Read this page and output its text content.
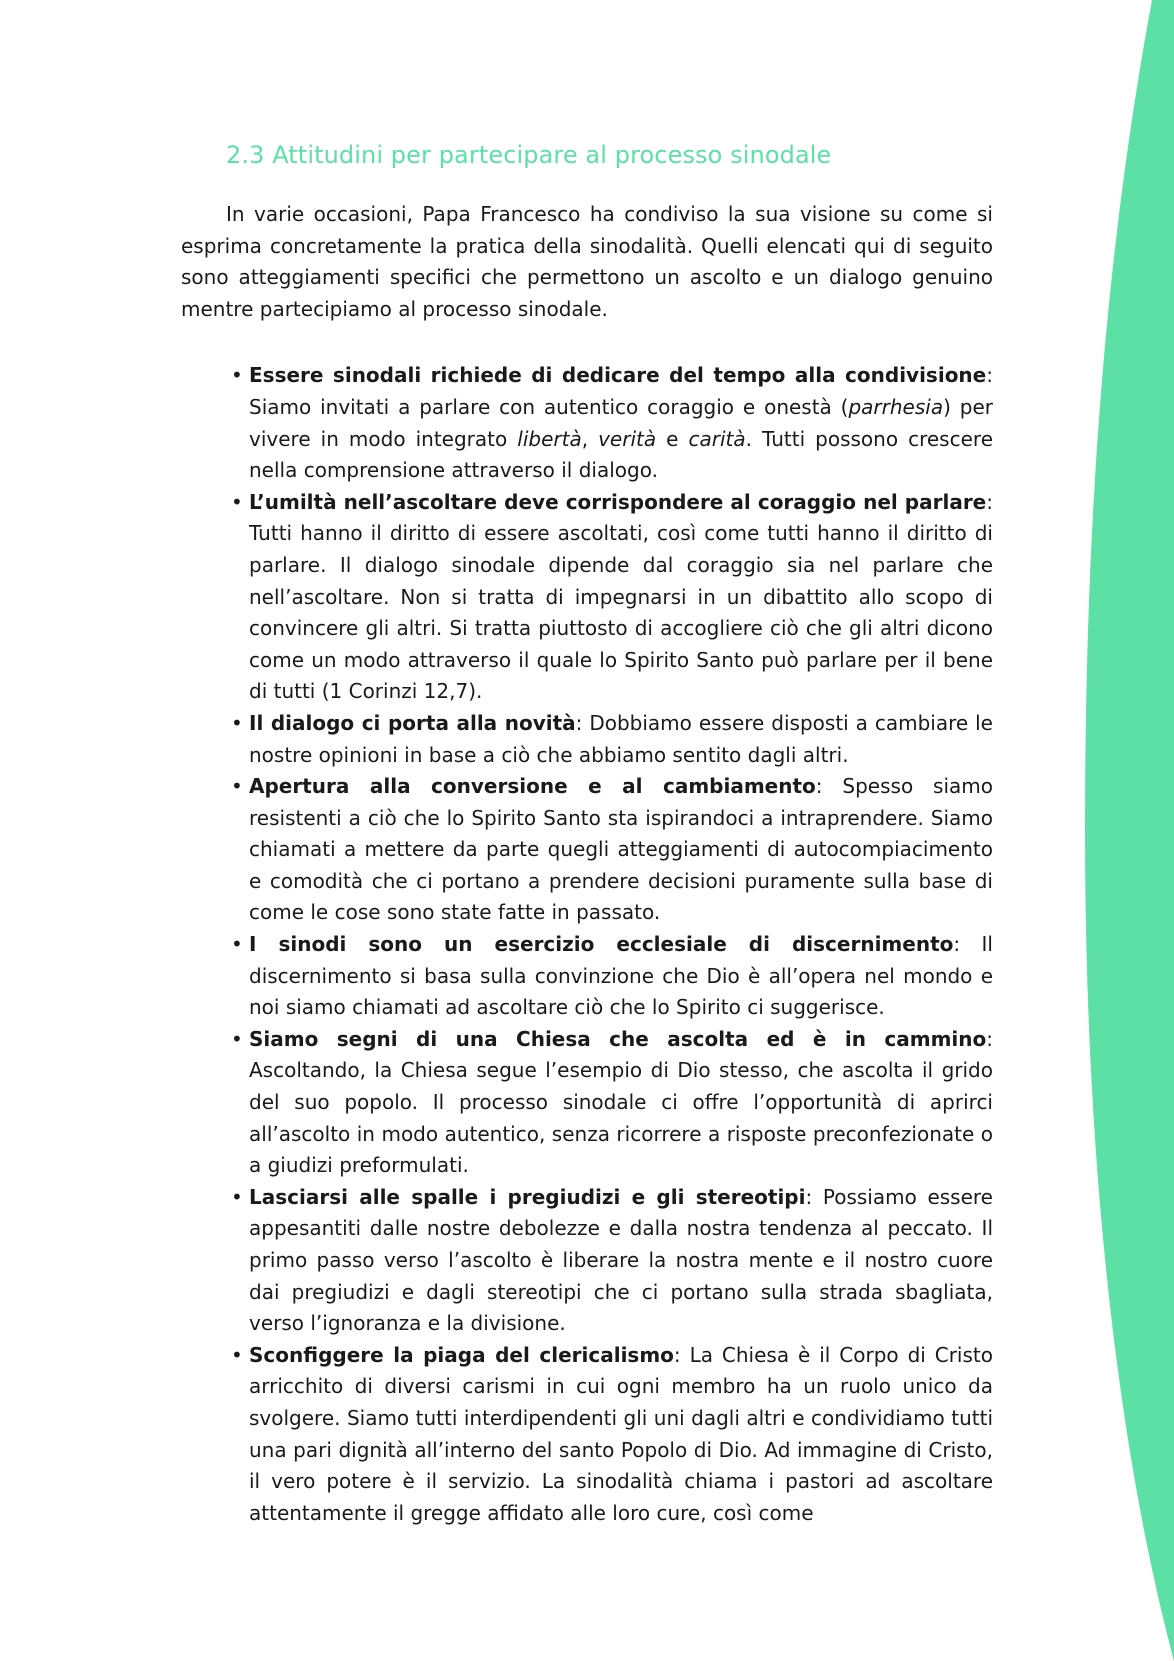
2.3 Attitudini per partecipare al processo sinodale

In varie occasioni, Papa Francesco ha condiviso la sua visione su come si esprima concretamente la pratica della sinodalità. Quelli elencati qui di seguito sono atteggiamenti specifici che permettono un ascolto e un dialogo genuino mentre partecipiamo al processo sinodale.

• Essere sinodali richiede di dedicare del tempo alla condivisione: Siamo invitati a parlare con autentico coraggio e onestà (parrhesia) per vivere in modo integrato libertà, verità e carità. Tutti possono crescere nella comprensione attraverso il dialogo.
• L’umiltà nell’ascoltare deve corrispondere al coraggio nel parlare: Tutti hanno il diritto di essere ascoltati, così come tutti hanno il diritto di parlare. Il dialogo sinodale dipende dal coraggio sia nel parlare che nell’ascoltare. Non si tratta di impegnarsi in un dibattito allo scopo di convincere gli altri. Si tratta piuttosto di accogliere ciò che gli altri dicono come un modo attraverso il quale lo Spirito Santo può parlare per il bene di tutti (1 Corinzi 12,7).
• Il dialogo ci porta alla novità: Dobbiamo essere disposti a cambiare le nostre opinioni in base a ciò che abbiamo sentito dagli altri.
• Apertura alla conversione e al cambiamento: Spesso siamo resistenti a ciò che lo Spirito Santo sta ispirandoci a intraprendere. Siamo chiamati a mettere da parte quegli atteggiamenti di autocompiacimento e comodità che ci portano a prendere decisioni puramente sulla base di come le cose sono state fatte in passato.
• I sinodi sono un esercizio ecclesiale di discernimento: Il discernimento si basa sulla convinzione che Dio è all’opera nel mondo e noi siamo chiamati ad ascoltare ciò che lo Spirito ci suggerisce.
• Siamo segni di una Chiesa che ascolta ed è in cammino: Ascoltando, la Chiesa segue l’esempio di Dio stesso, che ascolta il grido del suo popolo. Il processo sinodale ci offre l’opportunità di aprirci all’ascolto in modo autentico, senza ricorrere a risposte preconfezionate o a giudizi preformulati.
• Lasciarsi alle spalle i pregiudizi e gli stereotipi: Possiamo essere appesantiti dalle nostre debolezze e dalla nostra tendenza al peccato. Il primo passo verso l’ascolto è liberare la nostra mente e il nostro cuore dai pregiudizi e dagli stereotipi che ci portano sulla strada sbagliata, verso l’ignoranza e la divisione.
• Sconfiggere la piaga del clericalismo: La Chiesa è il Corpo di Cristo arricchito di diversi carismi in cui ogni membro ha un ruolo unico da svolgere. Siamo tutti interdipendenti gli uni dagli altri e condividiamo tutti una pari dignità all’interno del santo Popolo di Dio. Ad immagine di Cristo, il vero potere è il servizio. La sinodalità chiama i pastori ad ascoltare attentamente il gregge affidato alle loro cure, così come
